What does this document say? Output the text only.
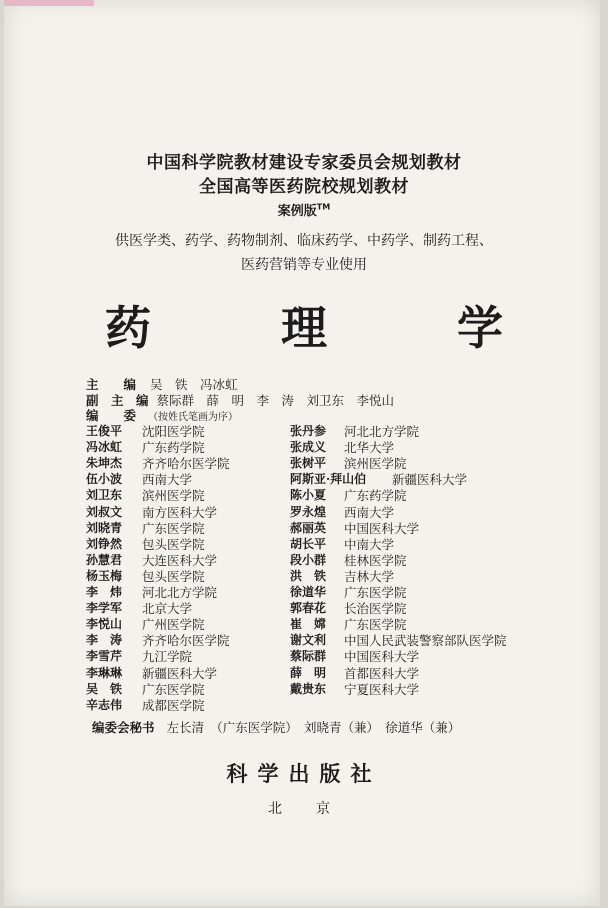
中国科学院教材建设专家委员会规划教材
全国高等医药院校规划教材
案例版™
供医学类、药学、药物制剂、临床药学、中药学、制药工程、
医药营销等专业使用
药　理　学
主　　编 吴　铁　冯冰虹
副　主　编 蔡际群　薛　明　李　涛　刘卫东　李悦山
编　　委 （按姓氏笔画为序）
王俊平 沈阳医学院
冯冰虹 广东药学院
朱坤杰 齐齐哈尔医学院
伍小波 西南大学
刘卫东 滨州医学院
刘叔文 南方医科大学
刘晓青 广东医学院
刘铮然 包头医学院
孙慧君 大连医科大学
杨玉梅 包头医学院
李　炜 河北北方学院
李学军 北京大学
李悦山 广州医学院
李　涛 齐齐哈尔医学院
李雪芹 九江学院
李琳琳 新疆医科大学
吴　铁 广东医学院
辛志伟 成都医学院
张丹参 河北北方学院
张成义 北华大学
张树平 滨州医学院
阿斯亚·拜山伯 新疆医科大学
陈小夏 广东药学院
罗永煌 西南大学
郝丽英 中国医科大学
胡长平 中南大学
段小群 桂林医学院
洪　铁 吉林大学
徐道华 广东医学院
郭春花 长治医学院
崔　嫦 广东医学院
谢文利 中国人民武装警察部队医学院
蔡际群 中国医科大学
薛　明 首都医科大学
戴贵东 宁夏医科大学
编委会秘书 左长清　（广东医学院）　刘晓青（兼）　徐道华（兼）
科学出版社
北　京
